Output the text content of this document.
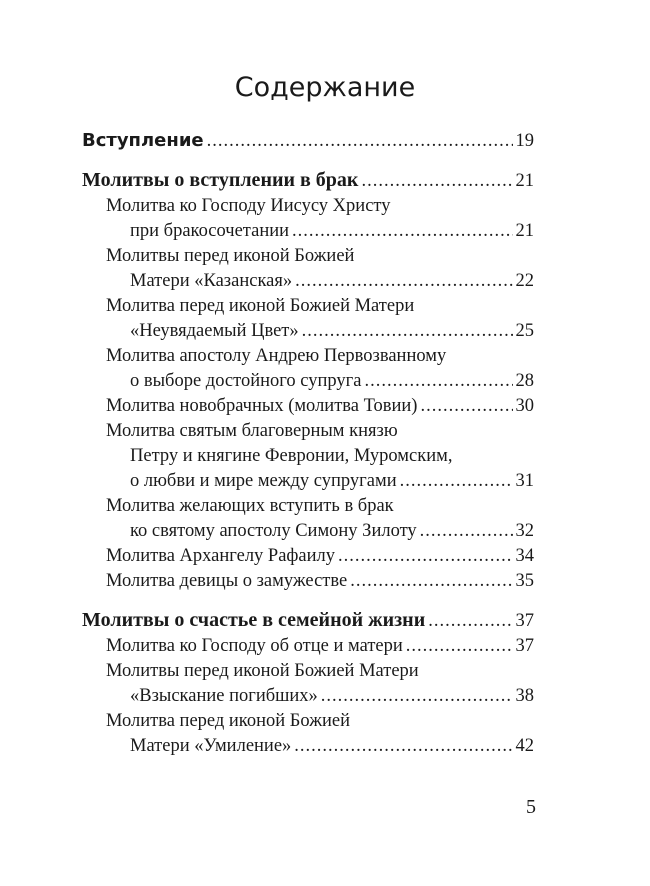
Содержание
Вступление .....	19
Молитвы о вступлении в брак .....	21
Молитва ко Господу Иисусу Христу
при бракосочетании .....	21
Молитвы перед иконой Божией
Матери «Казанская» .....	22
Молитва перед иконой Божией Матери
«Неувядаемый Цвет» .....	25
Молитва апостолу Андрею Первозванному
о выборе достойного супруга .....	28
Молитва новобрачных (молитва Товии) .....	30
Молитва святым благоверным князю
Петру и княгине Февронии, Муромским,
о любви и мире между супругами .....	31
Молитва желающих вступить в брак
ко святому апостолу Симону Зилоту .....	32
Молитва Архангелу Рафаилу .....	34
Молитва девицы о замужестве .....	35
Молитвы о счастье в семейной жизни .....	37
Молитва ко Господу об отце и матери .....	37
Молитвы перед иконой Божией Матери
«Взыскание погибших» .....	38
Молитва перед иконой Божией
Матери «Умиление» .....	42
5
